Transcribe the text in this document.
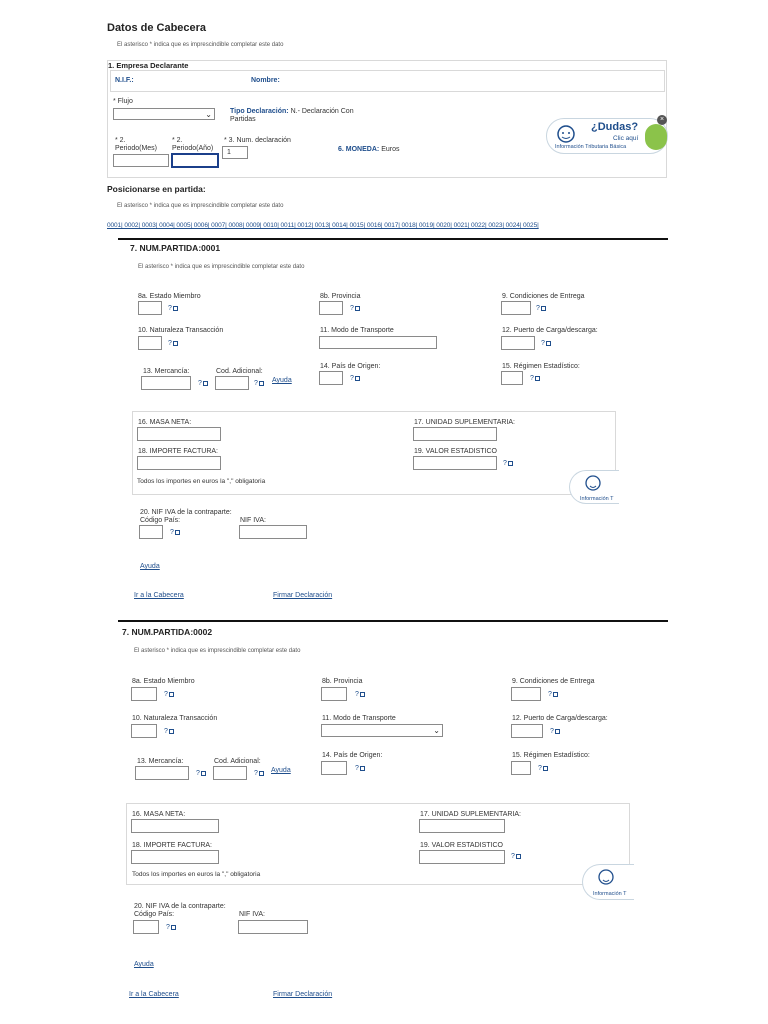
Datos de Cabecera
El asterisco * indica que es imprescindible completar este dato
1. Empresa Declarante
N.I.F.:	Nombre:
* Flujo
⌄	Tipo Declaración: N.- Declaración Con
Partidas
* 2.
Periodo(Mes)
* 2.
Periodo(Año)
* 3. Num. declaración
1	6. MONEDA: Euros
¿Dudas?
Clic aquí
Información Tributaria Básica
×
Posicionarse en partida:
El asterisco * indica que es imprescindible completar este dato
0001| 0002| 0003| 0004| 0005| 0006| 0007| 0008| 0009| 0010| 0011| 0012| 0013| 0014| 0015| 0016| 0017| 0018| 0019| 0020| 0021| 0022| 0023| 0024| 0025|
7. NUM.PARTIDA:0001
El asterisco * indica que es imprescindible completar este dato
8a. Estado Miembro
?
8b. Provincia
?
9. Condiciones de Entrega
?
10. Naturaleza Transacción
?
11. Modo de Transporte	12. Puerto de Carga/descarga:
?
13. Mercancía:
?
Cod. Adicional:
?	Ayuda
14. País de Origen:
?
15. Régimen Estadístico:
?
16. MASA NETA:	17. UNIDAD SUPLEMENTARIA:
18. IMPORTE FACTURA:	19. VALOR ESTADISTICO
?
Todos los importes en euros la "," obligatoria
Información T
20. NIF IVA de la contraparte:
Código País:
?
NIF IVA:
Ayuda
Ir a la Cabecera	Firmar Declaración
7. NUM.PARTIDA:0002
El asterisco * indica que es imprescindible completar este dato
8a. Estado Miembro
?
8b. Provincia
?
9. Condiciones de Entrega
?
10. Naturaleza Transacción
?
11. Modo de Transporte
⌄
12. Puerto de Carga/descarga:
?
13. Mercancía:
?
Cod. Adicional:
?	Ayuda
14. País de Origen:
?
15. Régimen Estadístico:
?
16. MASA NETA:	17. UNIDAD SUPLEMENTARIA:
18. IMPORTE FACTURA:	19. VALOR ESTADISTICO
?
Todos los importes en euros la "," obligatoria
Información T
20. NIF IVA de la contraparte:
Código País:
?
NIF IVA:
Ayuda
Ir a la Cabecera	Firmar Declaración
